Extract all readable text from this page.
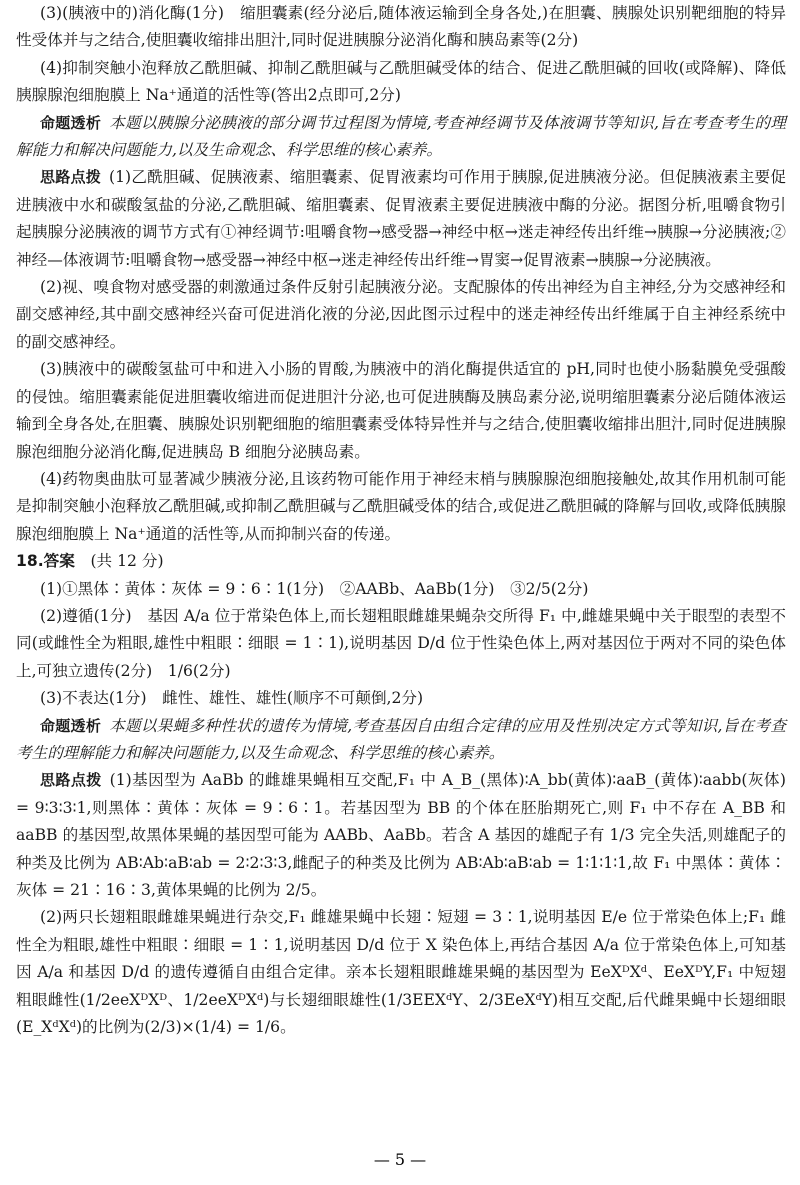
(3)(胰液中的)消化酶(1分)　缩胆囊素(经分泌后,随体液运输到全身各处,)在胆囊、胰腺处识别靶细胞的特异性受体并与之结合,使胆囊收缩排出胆汁,同时促进胰腺分泌消化酶和胰岛素等(2分)

(4)抑制突触小泡释放乙酰胆碱、抑制乙酰胆碱与乙酰胆碱受体的结合、促进乙酰胆碱的回收(或降解)、降低胰腺腺泡细胞膜上 Na⁺通道的活性等(答出2点即可,2分)

命题透析 本题以胰腺分泌胰液的部分调节过程图为情境,考查神经调节及体液调节等知识,旨在考查考生的理解能力和解决问题能力,以及生命观念、科学思维的核心素养。

思路点拨 (1)乙酰胆碱、促胰液素、缩胆囊素、促胃液素均可作用于胰腺,促进胰液分泌。但促胰液素主要促进胰液中水和碳酸氢盐的分泌,乙酰胆碱、缩胆囊素、促胃液素主要促进胰液中酶的分泌。据图分析,咀嚼食物引起胰腺分泌胰液的调节方式有①神经调节:咀嚼食物→感受器→神经中枢→迷走神经传出纤维→胰腺→分泌胰液;②神经—体液调节:咀嚼食物→感受器→神经中枢→迷走神经传出纤维→胃窦→促胃液素→胰腺→分泌胰液。

(2)视、嗅食物对感受器的刺激通过条件反射引起胰液分泌。支配腺体的传出神经为自主神经,分为交感神经和副交感神经,其中副交感神经兴奋可促进消化液的分泌,因此图示过程中的迷走神经传出纤维属于自主神经系统中的副交感神经。

(3)胰液中的碳酸氢盐可中和进入小肠的胃酸,为胰液中的消化酶提供适宜的 pH,同时也使小肠黏膜免受强酸的侵蚀。缩胆囊素能促进胆囊收缩进而促进胆汁分泌,也可促进胰酶及胰岛素分泌,说明缩胆囊素分泌后随体液运输到全身各处,在胆囊、胰腺处识别靶细胞的缩胆囊素受体特异性并与之结合,使胆囊收缩排出胆汁,同时促进胰腺腺泡细胞分泌消化酶,促进胰岛 B 细胞分泌胰岛素。

(4)药物奥曲肽可显著减少胰液分泌,且该药物可能作用于神经末梢与胰腺腺泡细胞接触处,故其作用机制可能是抑制突触小泡释放乙酰胆碱,或抑制乙酰胆碱与乙酰胆碱受体的结合,或促进乙酰胆碱的降解与回收,或降低胰腺腺泡细胞膜上 Na⁺通道的活性等,从而抑制兴奋的传递。

18.答案　 (共 12 分)

(1)①黑体∶黄体∶灰体 = 9∶6∶1(1分)　②AABb、AaBb(1分)　③2/5(2分)

(2)遵循(1分)　基因 A/a 位于常染色体上,而长翅粗眼雌雄果蝇杂交所得 F₁ 中,雌雄果蝇中关于眼型的表型不同(或雌性全为粗眼,雄性中粗眼∶细眼 = 1∶1),说明基因 D/d 位于性染色体上,两对基因位于两对不同的染色体上,可独立遗传(2分)　1/6(2分)

(3)不表达(1分)　雌性、雄性、雄性(顺序不可颠倒,2分)

命题透析 本题以果蝇多种性状的遗传为情境,考查基因自由组合定律的应用及性别决定方式等知识,旨在考查考生的理解能力和解决问题能力,以及生命观念、科学思维的核心素养。

思路点拨 (1)基因型为 AaBb 的雌雄果蝇相互交配,F₁ 中 A_B_(黑体)∶A_bb(黄体)∶aaB_(黄体)∶aabb(灰体) = 9∶3∶3∶1,则黑体∶黄体∶灰体 = 9∶6∶1。若基因型为 BB 的个体在胚胎期死亡,则 F₁ 中不存在 A_BB 和 aaBB 的基因型,故黑体果蝇的基因型可能为 AABb、AaBb。若含 A 基因的雄配子有 1/3 完全失活,则雄配子的种类及比例为 AB∶Ab∶aB∶ab = 2∶2∶3∶3,雌配子的种类及比例为 AB∶Ab∶aB∶ab = 1∶1∶1∶1,故 F₁ 中黑体∶黄体∶灰体 = 21∶16∶3,黄体果蝇的比例为 2/5。

(2)两只长翅粗眼雌雄果蝇进行杂交,F₁ 雌雄果蝇中长翅∶短翅 = 3∶1,说明基因 E/e 位于常染色体上;F₁ 雌性全为粗眼,雄性中粗眼∶细眼 = 1∶1,说明基因 D/d 位于 X 染色体上,再结合基因 A/a 位于常染色体上,可知基因 A/a 和基因 D/d 的遗传遵循自由组合定律。亲本长翅粗眼雌雄果蝇的基因型为 EeXᴰXᵈ、EeXᴰY,F₁ 中短翅粗眼雌性(1/2eeXᴰXᴰ、1/2eeXᴰXᵈ)与长翅细眼雄性(1/3EEXᵈY、2/3EeXᵈY)相互交配,后代雌果蝇中长翅细眼(E_XᵈXᵈ)的比例为(2/3)×(1/4) = 1/6。

— 5 —
